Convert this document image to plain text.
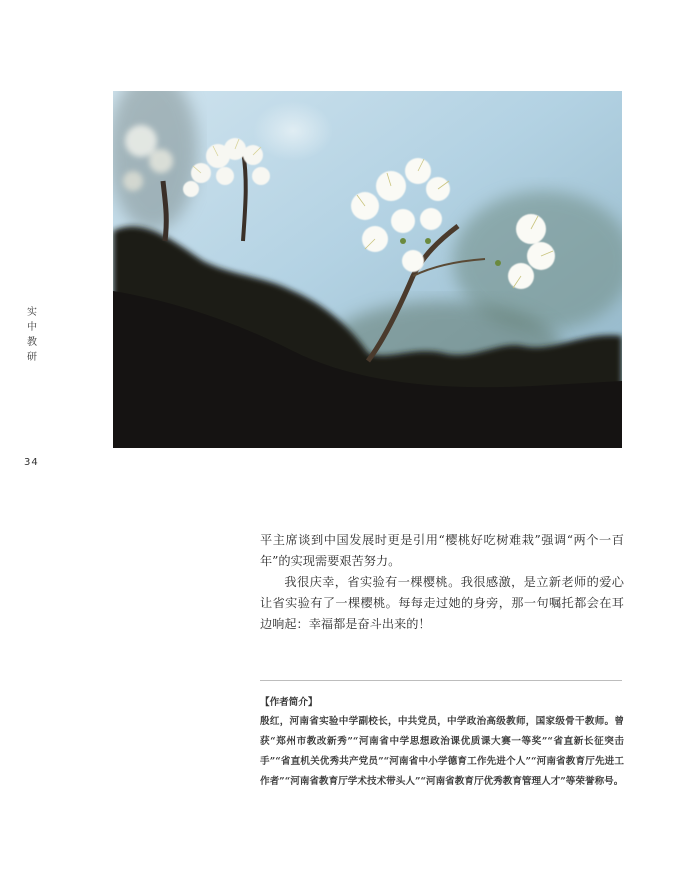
实
中
教
研
34

平主席谈到中国发展时更是引用“樱桃好吃树难栽”强调“两个一百年”的实现需要艰苦努力。

我很庆幸，省实验有一棵樱桃。我很感激，是立新老师的爱心让省实验有了一棵樱桃。每每走过她的身旁，那一句嘱托都会在耳边响起：幸福都是奋斗出来的！

【作者简介】
殷红，河南省实验中学副校长，中共党员，中学政治高级教师，国家级骨干教师。曾获“郑州市教改新秀”“河南省中学思想政治课优质课大赛一等奖”“省直新长征突击手”“省直机关优秀共产党员”“河南省中小学德育工作先进个人”“河南省教育厅先进工作者”“河南省教育厅学术技术带头人”“河南省教育厅优秀教育管理人才”等荣誉称号。
